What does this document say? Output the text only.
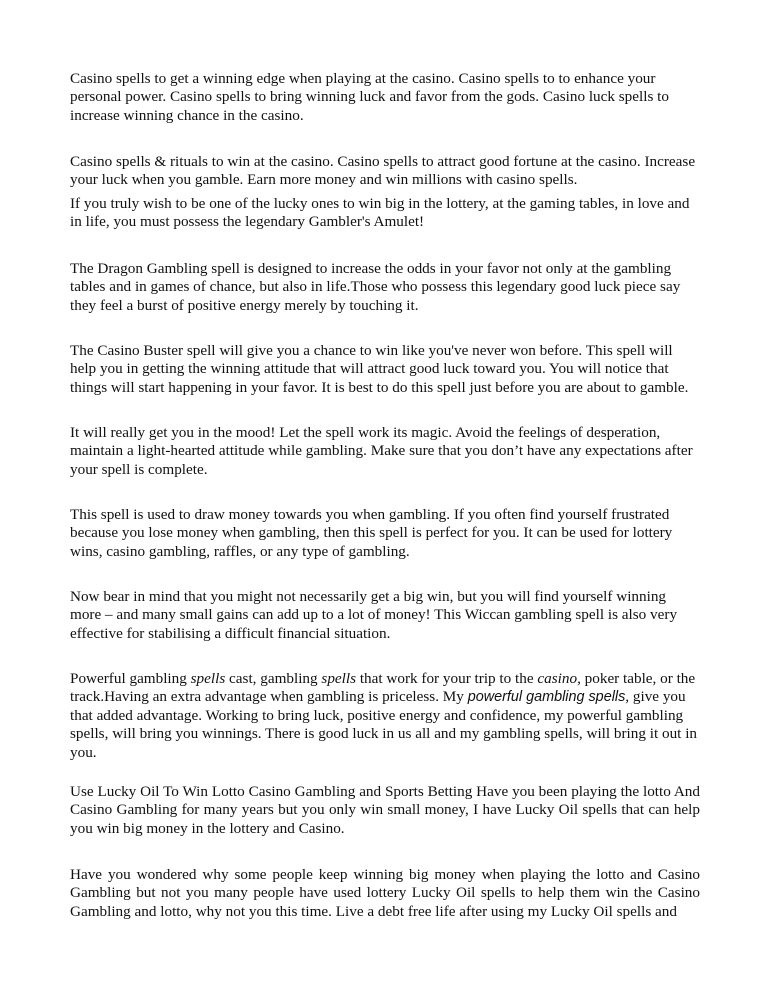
Casino spells to get a winning edge when playing at the casino. Casino spells to to enhance your personal power. Casino spells to bring winning luck and favor from the gods. Casino luck spells to increase winning chance in the casino.

Casino spells & rituals to win at the casino. Casino spells to attract good fortune at the casino. Increase your luck when you gamble. Earn more money and win millions with casino spells.

If you truly wish to be one of the lucky ones to win big in the lottery, at the gaming tables, in love and in life, you must possess the legendary Gambler's Amulet!

The Dragon Gambling spell is designed to increase the odds in your favor not only at the gambling tables and in games of chance, but also in life.Those who possess this legendary good luck piece say they feel a burst of positive energy merely by touching it.

The Casino Buster spell will give you a chance to win like you've never won before. This spell will help you in getting the winning attitude that will attract good luck toward you. You will notice that things will start happening in your favor. It is best to do this spell just before you are about to gamble.

It will really get you in the mood! Let the spell work its magic. Avoid the feelings of desperation, maintain a light-hearted attitude while gambling. Make sure that you don’t have any expectations after your spell is complete.

This spell is used to draw money towards you when gambling. If you often find yourself frustrated because you lose money when gambling, then this spell is perfect for you. It can be used for lottery wins, casino gambling, raffles, or any type of gambling.

Now bear in mind that you might not necessarily get a big win, but you will find yourself winning more – and many small gains can add up to a lot of money! This Wiccan gambling spell is also very effective for stabilising a difficult financial situation.

Powerful gambling spells cast, gambling spells that work for your trip to the casino, poker table, or the track.Having an extra advantage when gambling is priceless. My powerful gambling spells, give you that added advantage. Working to bring luck, positive energy and confidence, my powerful gambling spells, will bring you winnings. There is good luck in us all and my gambling spells, will bring it out in you.

Use Lucky Oil To Win Lotto Casino Gambling and Sports Betting Have you been playing the lotto And Casino Gambling for many years but you only win small money, I have Lucky Oil spells that can help you win big money in the lottery and Casino.

Have you wondered why some people keep winning big money when playing the lotto and Casino Gambling but not you many people have used lottery Lucky Oil spells to help them win the Casino Gambling and lotto, why not you this time. Live a debt free life after using my Lucky Oil spells and
